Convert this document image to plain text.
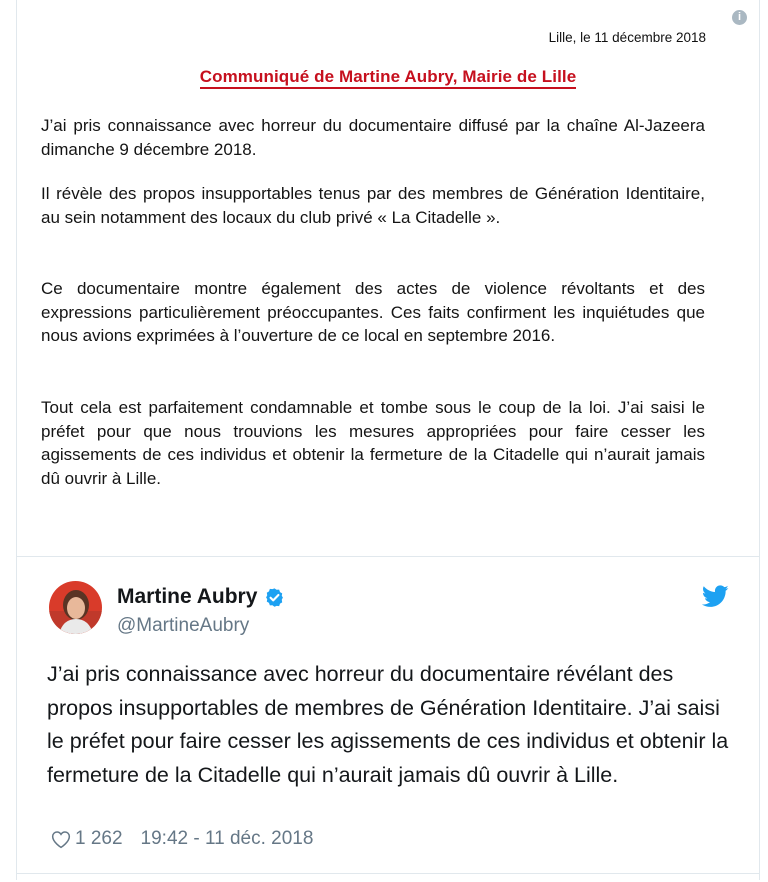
i
Lille, le 11 décembre 2018
Communiqué de Martine Aubry, Mairie de Lille

J’ai pris connaissance avec horreur du documentaire diffusé par la chaîne Al-Jazeera dimanche 9 décembre 2018.

Il révèle des propos insupportables tenus par des membres de Génération Identitaire, au sein notamment des locaux du club privé « La Citadelle ».

Ce documentaire montre également des actes de violence révoltants et des expressions particulièrement préoccupantes. Ces faits confirment les inquiétudes que nous avions exprimées à l’ouverture de ce local en septembre 2016.

Tout cela est parfaitement condamnable et tombe sous le coup de la loi. J’ai saisi le préfet pour que nous trouvions les mesures appropriées pour faire cesser les agissements de ces individus et obtenir la fermeture de la Citadelle qui n’aurait jamais dû ouvrir à Lille.

Martine Aubry
@MartineAubry

J’ai pris connaissance avec horreur du documentaire révélant des propos insupportables de membres de Génération Identitaire. J’ai saisi le préfet pour faire cesser les agissements de ces individus et obtenir la fermeture de la Citadelle qui n’aurait jamais dû ouvrir à Lille.

1 262 19:42 - 11 déc. 2018
